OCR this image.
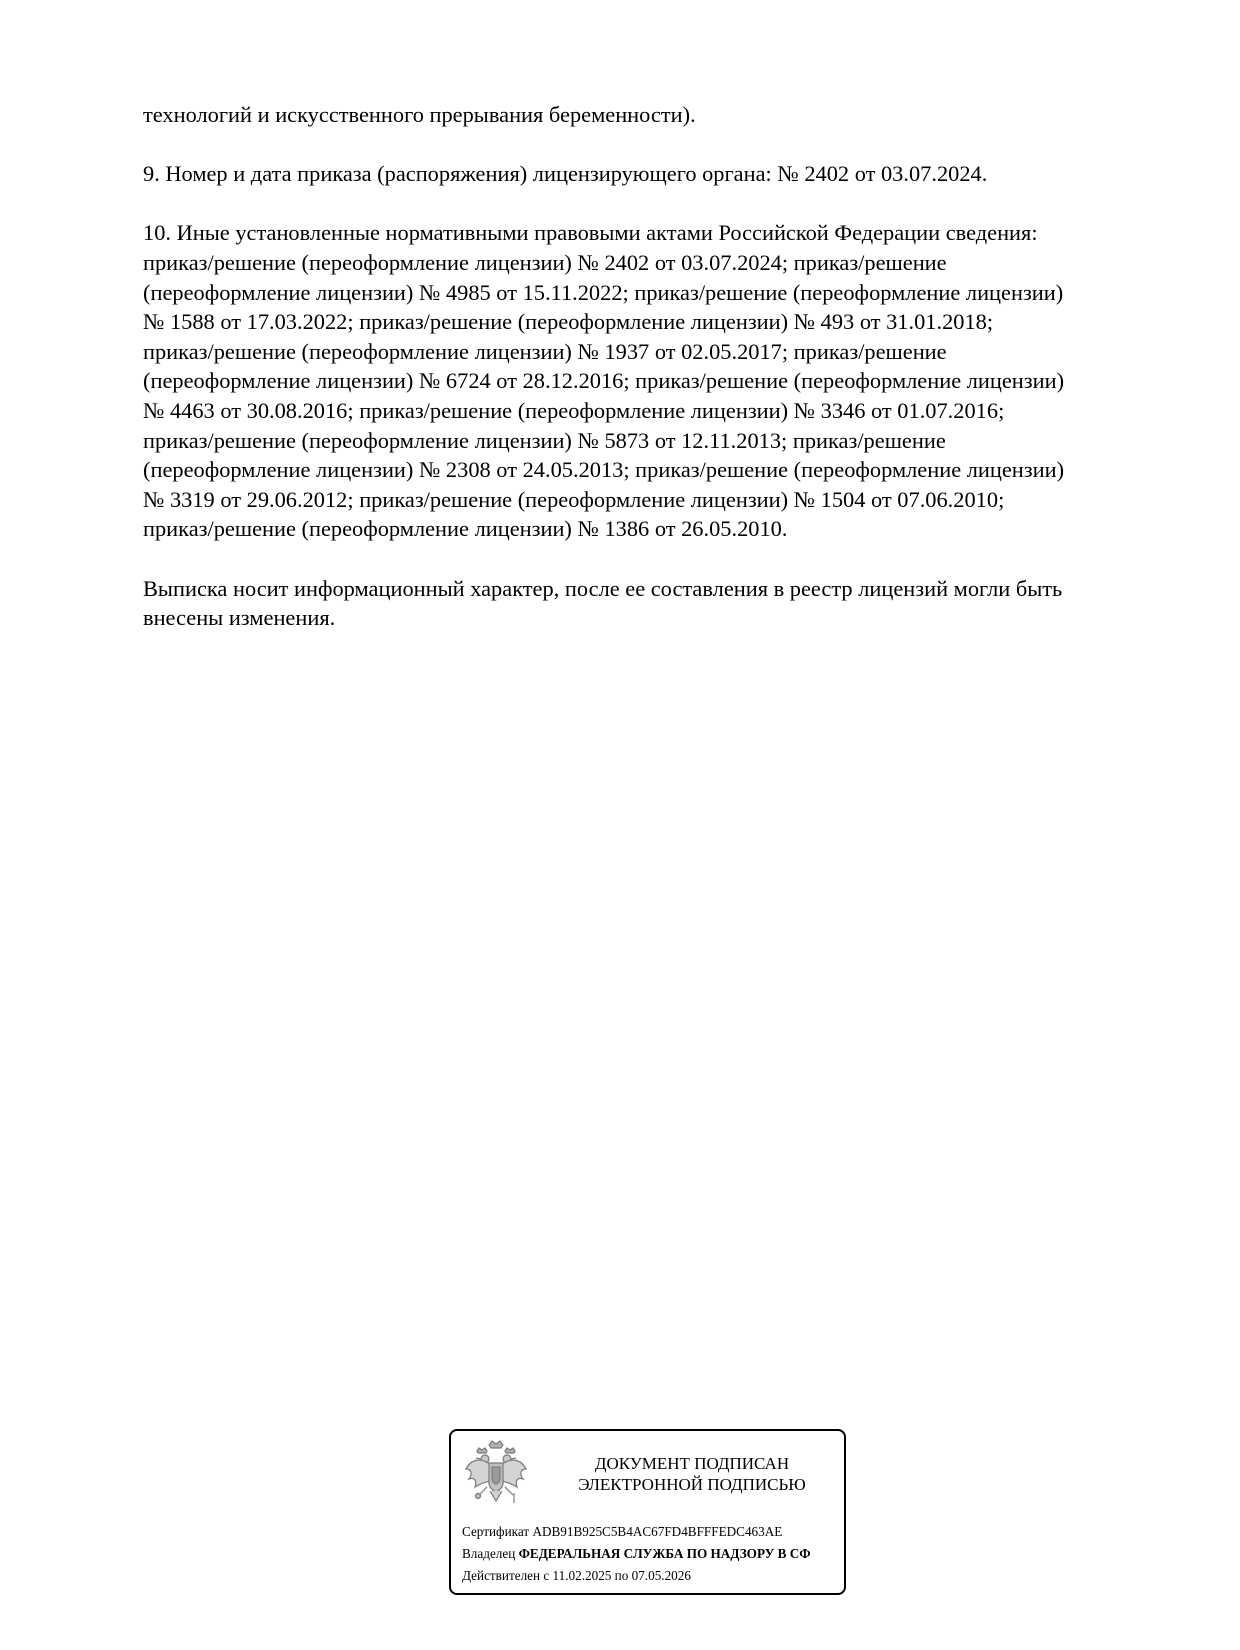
технологий и искусственного прерывания беременности).

9. Номер и дата приказа (распоряжения) лицензирующего органа: № 2402 от 03.07.2024.

10. Иные установленные нормативными правовыми актами Российской Федерации сведения:
приказ/решение (переоформление лицензии) № 2402 от 03.07.2024; приказ/решение
(переоформление лицензии) № 4985 от 15.11.2022; приказ/решение (переоформление лицензии)
№ 1588 от 17.03.2022; приказ/решение (переоформление лицензии) № 493 от 31.01.2018;
приказ/решение (переоформление лицензии) № 1937 от 02.05.2017; приказ/решение
(переоформление лицензии) № 6724 от 28.12.2016; приказ/решение (переоформление лицензии)
№ 4463 от 30.08.2016; приказ/решение (переоформление лицензии) № 3346 от 01.07.2016;
приказ/решение (переоформление лицензии) № 5873 от 12.11.2013; приказ/решение
(переоформление лицензии) № 2308 от 24.05.2013; приказ/решение (переоформление лицензии)
№ 3319 от 29.06.2012; приказ/решение (переоформление лицензии) № 1504 от 07.06.2010;
приказ/решение (переоформление лицензии) № 1386 от 26.05.2010.

Выписка носит информационный характер, после ее составления в реестр лицензий могли быть
внесены изменения.

ДОКУМЕНТ ПОДПИСАН
ЭЛЕКТРОННОЙ ПОДПИСЬЮ
Сертификат ADB91B925C5B4AC67FD4BFFFEDC463AE
Владелец ФЕДЕРАЛЬНАЯ СЛУЖБА ПО НАДЗОРУ В СФ
Действителен с 11.02.2025 по 07.05.2026
